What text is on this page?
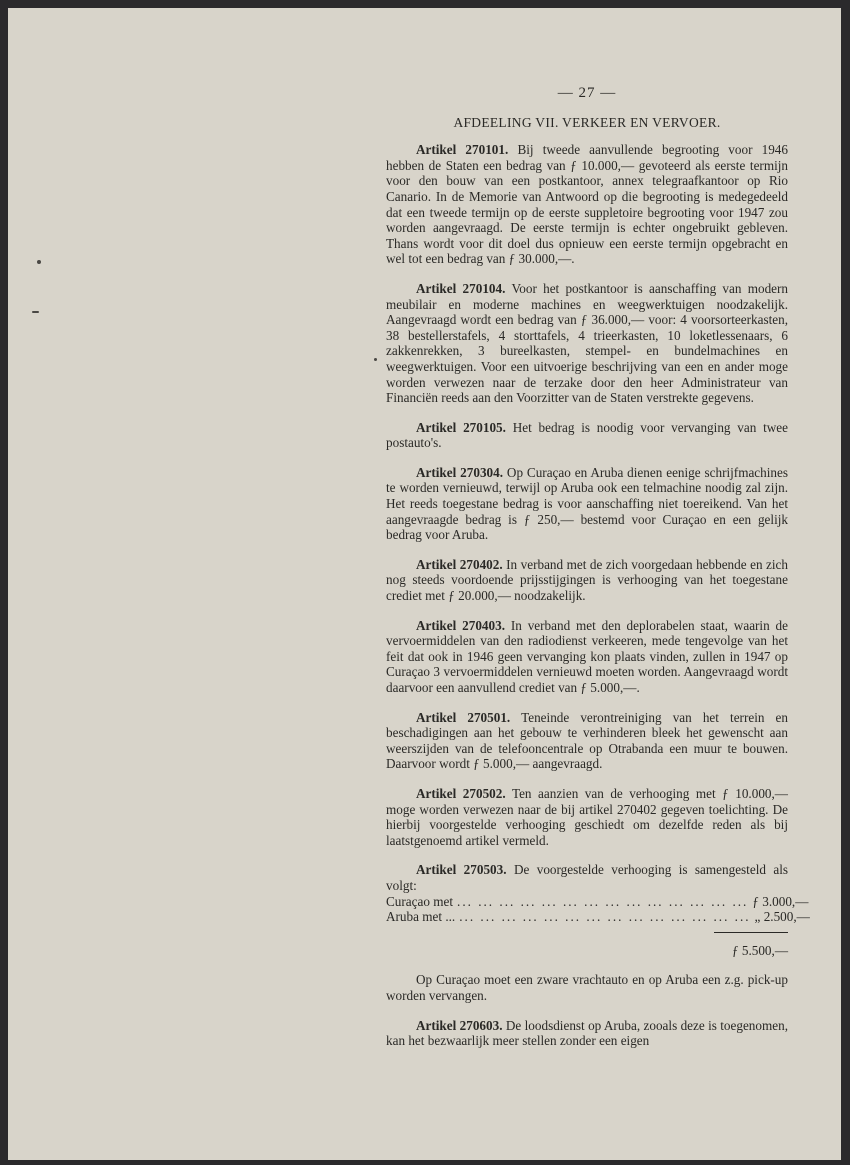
— 27 —
AFDEELING VII. VERKEER EN VERVOER.

Artikel 270101. Bij tweede aanvullende begrooting voor 1946 hebben de Staten een bedrag van ƒ 10.000,— gevoteerd als eerste termijn voor den bouw van een postkantoor, annex telegraafkantoor op Rio Canario. In de Memorie van Antwoord op die begrooting is medegedeeld dat een tweede termijn op de eerste suppletoire begrooting voor 1947 zou worden aangevraagd. De eerste termijn is echter ongebruikt gebleven. Thans wordt voor dit doel dus opnieuw een eerste termijn opgebracht en wel tot een bedrag van ƒ 30.000,—.

Artikel 270104. Voor het postkantoor is aanschaffing van modern meubilair en moderne machines en weegwerktuigen noodzakelijk. Aangevraagd wordt een bedrag van ƒ 36.000,— voor: 4 voorsorteerkasten, 38 bestellerstafels, 4 storttafels, 4 trieerkasten, 10 loketlessenaars, 6 zakkenrekken, 3 bureelkasten, stempel- en bundelmachines en weegwerktuigen. Voor een uitvoerige beschrijving van een en ander moge worden verwezen naar de terzake door den heer Administrateur van Financiën reeds aan den Voorzitter van de Staten verstrekte gegevens.

Artikel 270105. Het bedrag is noodig voor vervanging van twee postauto's.

Artikel 270304. Op Curaçao en Aruba dienen eenige schrijfmachines te worden vernieuwd, terwijl op Aruba ook een telmachine noodig zal zijn. Het reeds toegestane bedrag is voor aanschaffing niet toereikend. Van het aangevraagde bedrag is ƒ 250,— bestemd voor Curaçao en een gelijk bedrag voor Aruba.

Artikel 270402. In verband met de zich voorgedaan hebbende en zich nog steeds voordoende prijsstijgingen is verhooging van het toegestane crediet met ƒ 20.000,— noodzakelijk.

Artikel 270403. In verband met den deplorabelen staat, waarin de vervoermiddelen van den radiodienst verkeeren, mede tengevolge van het feit dat ook in 1946 geen vervanging kon plaats vinden, zullen in 1947 op Curaçao 3 vervoermiddelen vernieuwd moeten worden. Aangevraagd wordt daarvoor een aanvullend crediet van ƒ 5.000,—.

Artikel 270501. Teneinde verontreiniging van het terrein en beschadigingen aan het gebouw te verhinderen bleek het gewenscht aan weerszijden van de telefooncentrale op Otrabanda een muur te bouwen. Daarvoor wordt ƒ 5.000,— aangevraagd.

Artikel 270502. Ten aanzien van de verhooging met ƒ 10.000,— moge worden verwezen naar de bij artikel 270402 gegeven toelichting. De hierbij voorgestelde verhooging geschiedt om dezelfde reden als bij laatstgenoemd artikel vermeld.

Artikel 270503. De voorgestelde verhooging is samengesteld als volgt:

Curaçao met ... ... ... ... ... ... ... ... ... ... ... ... ... ... ƒ 3.000,—
Aruba met ... ... ... ... ... ... ... ... ... ... ... ... ... ... ... „ 2.500,—
ƒ 5.500,—

Op Curaçao moet een zware vrachtauto en op Aruba een z.g. pick-up worden vervangen.

Artikel 270603. De loodsdienst op Aruba, zooals deze is toegenomen, kan het bezwaarlijk meer stellen zonder een eigen
